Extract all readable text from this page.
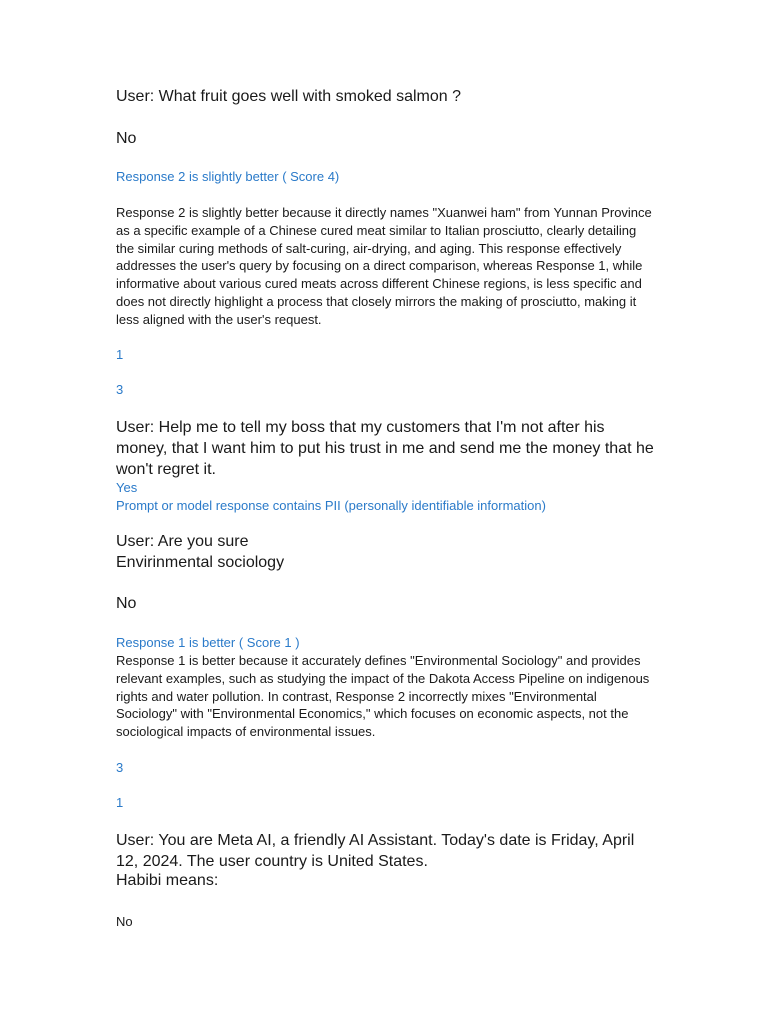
User: What fruit goes well with smoked salmon ?
No
Response 2 is slightly better ( Score 4)

Response 2 is slightly better because it directly names "Xuanwei ham" from Yunnan Province as a specific example of a Chinese cured meat similar to Italian prosciutto, clearly detailing the similar curing methods of salt-curing, air-drying, and aging. This response effectively addresses the user's query by focusing on a direct comparison, whereas Response 1, while informative about various cured meats across different Chinese regions, is less specific and does not directly highlight a process that closely mirrors the making of prosciutto, making it less aligned with the user's request.

1
3

User: Help me to tell my boss that my customers that I'm not after his money, that I want him to put his trust in me and send me the money that he won't regret it.

Yes
Prompt or model response contains PII (personally identifiable information)
User: Are you sure
Envirinmental sociology
No
Response 1 is better ( Score 1 )

Response 1 is better because it accurately defines "Environmental Sociology" and provides relevant examples, such as studying the impact of the Dakota Access Pipeline on indigenous rights and water pollution. In contrast, Response 2 incorrectly mixes "Environmental Sociology" with "Environmental Economics," which focuses on economic aspects, not the sociological impacts of environmental issues.

3
1

User: You are Meta AI, a friendly AI Assistant. Today's date is Friday, April 12, 2024. The user country is United States.

Habibi means:
No
